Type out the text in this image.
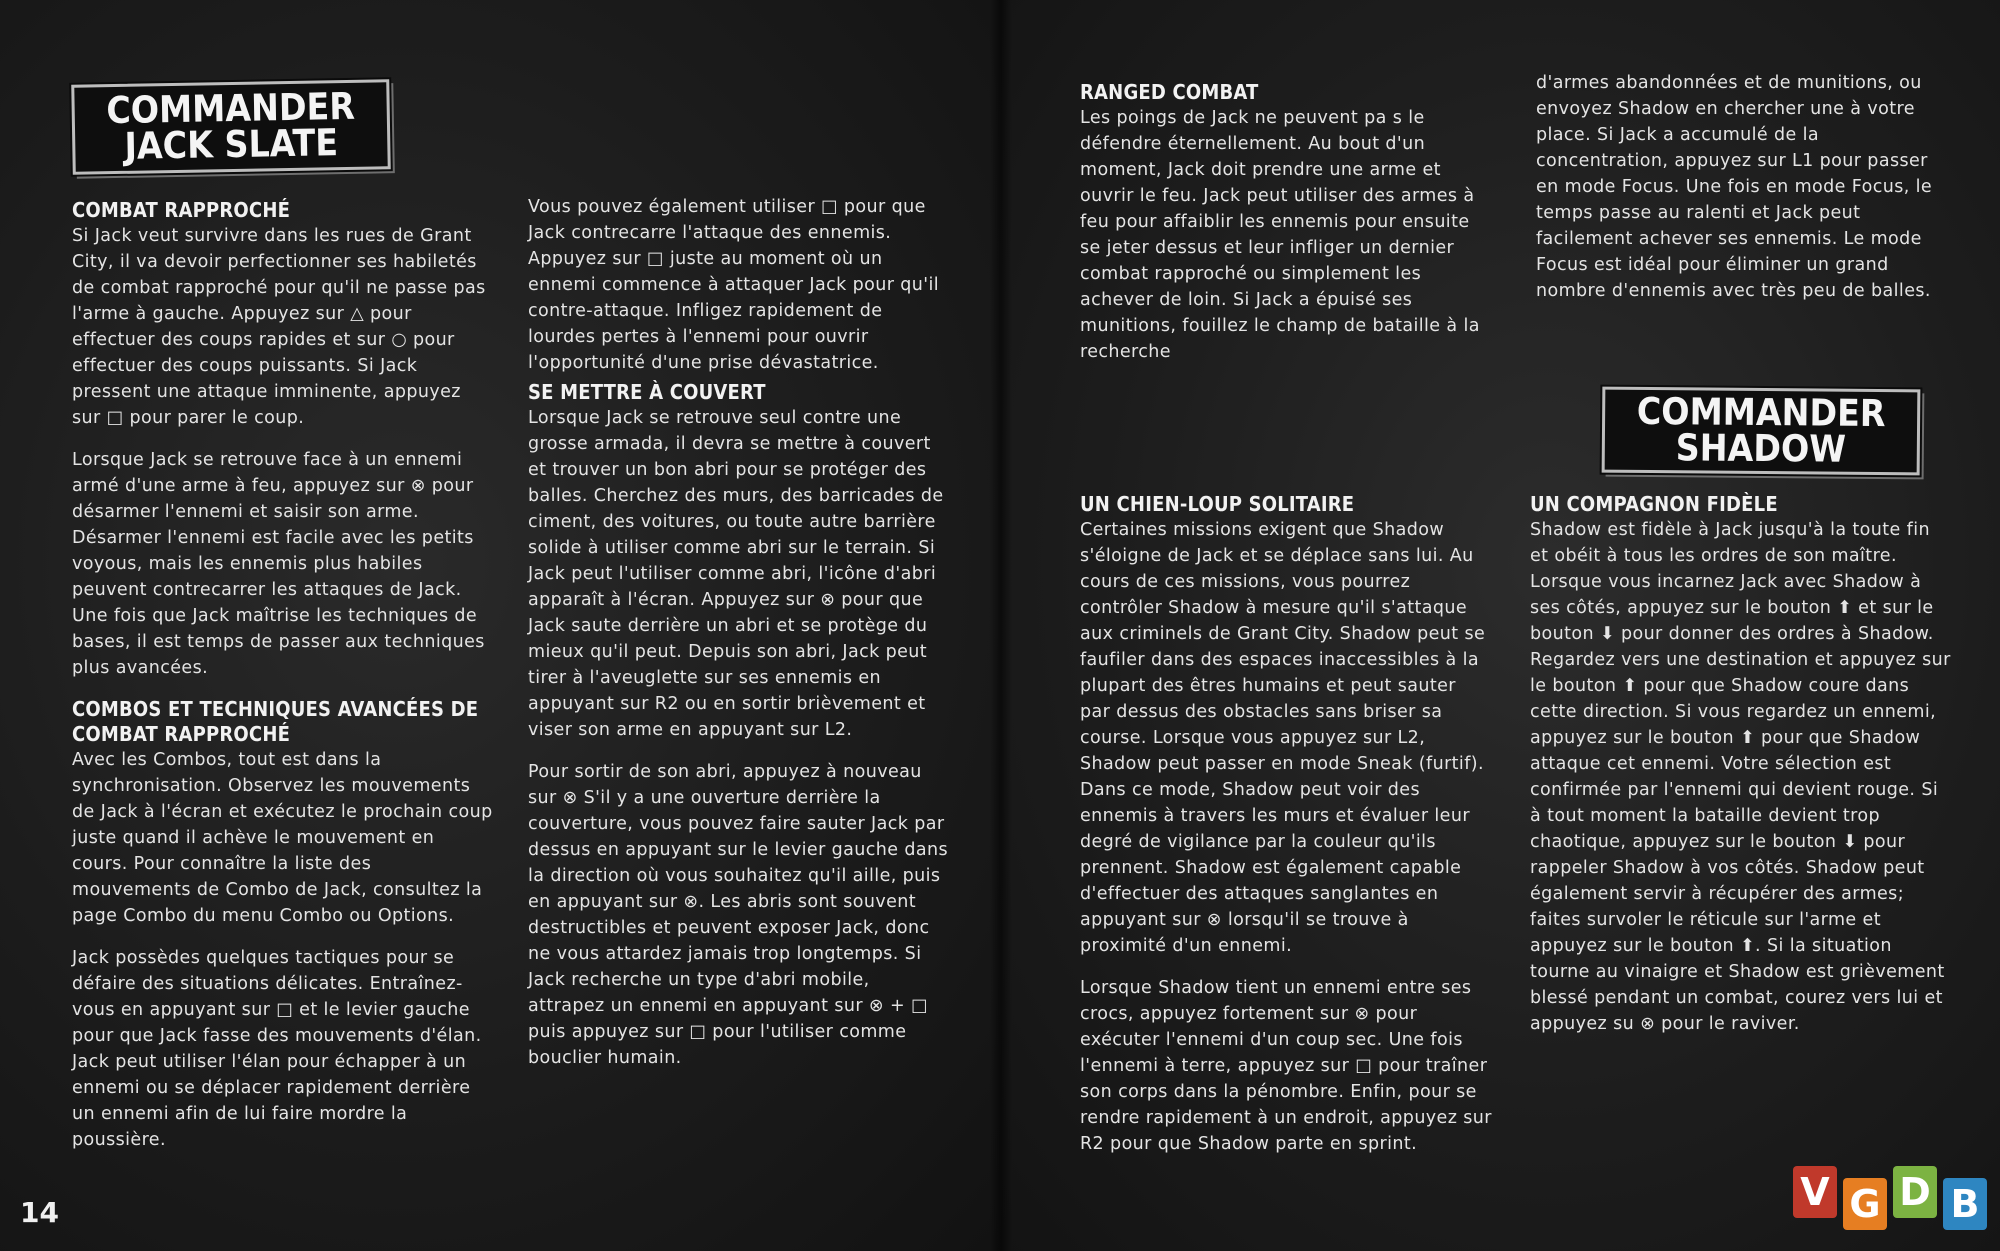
COMMANDER
JACK SLATE
COMBAT RAPPROCHÉ

Si Jack veut survivre dans les rues de Grant City, il va devoir perfectionner ses habiletés de combat rapproché pour qu'il ne passe pas l'arme à gauche. Appuyez sur △ pour effectuer des coups rapides et sur ○ pour effectuer des coups puissants. Si Jack pressent une attaque imminente, appuyez sur □ pour parer le coup.

Lorsque Jack se retrouve face à un ennemi armé d'une arme à feu, appuyez sur ⊗ pour désarmer l'ennemi et saisir son arme. Désarmer l'ennemi est facile avec les petits voyous, mais les ennemis plus habiles peuvent contrecarrer les attaques de Jack. Une fois que Jack maîtrise les techniques de bases, il est temps de passer aux techniques plus avancées.

COMBOS ET TECHNIQUES AVANCÉES DE COMBAT RAPPROCHÉ

Avec les Combos, tout est dans la synchronisation. Observez les mouvements de Jack à l'écran et exécutez le prochain coup juste quand il achève le mouvement en cours. Pour connaître la liste des mouvements de Combo de Jack, consultez la page Combo du menu Combo ou Options.

Jack possèdes quelques tactiques pour se défaire des situations délicates. Entraînez-vous en appuyant sur □ et le levier gauche pour que Jack fasse des mouvements d'élan. Jack peut utiliser l'élan pour échapper à un ennemi ou se déplacer rapidement derrière un ennemi afin de lui faire mordre la poussière.

Vous pouvez également utiliser □ pour que Jack contrecarre l'attaque des ennemis. Appuyez sur □ juste au moment où un ennemi commence à attaquer Jack pour qu'il contre-attaque. Infligez rapidement de lourdes pertes à l'ennemi pour ouvrir l'opportunité d'une prise dévastatrice.

SE METTRE À COUVERT

Lorsque Jack se retrouve seul contre une grosse armada, il devra se mettre à couvert et trouver un bon abri pour se protéger des balles. Cherchez des murs, des barricades de ciment, des voitures, ou toute autre barrière solide à utiliser comme abri sur le terrain. Si Jack peut l'utiliser comme abri, l'icône d'abri apparaît à l'écran. Appuyez sur ⊗ pour que Jack saute derrière un abri et se protège du mieux qu'il peut. Depuis son abri, Jack peut tirer à l'aveuglette sur ses ennemis en appuyant sur R2 ou en sortir brièvement et viser son arme en appuyant sur L2.

Pour sortir de son abri, appuyez à nouveau sur ⊗ S'il y a une ouverture derrière la couverture, vous pouvez faire sauter Jack par dessus en appuyant sur le levier gauche dans la direction où vous souhaitez qu'il aille, puis en appuyant sur ⊗. Les abris sont souvent destructibles et peuvent exposer Jack, donc ne vous attardez jamais trop longtemps. Si Jack recherche un type d'abri mobile, attrapez un ennemi en appuyant sur ⊗ + □ puis appuyez sur □ pour l'utiliser comme bouclier humain.

14
RANGED COMBAT

Les poings de Jack ne peuvent pa s le défendre éternellement. Au bout d'un moment, Jack doit prendre une arme et ouvrir le feu. Jack peut utiliser des armes à feu pour affaiblir les ennemis pour ensuite se jeter dessus et leur infliger un dernier combat rapproché ou simplement les achever de loin. Si Jack a épuisé ses munitions, fouillez le champ de bataille à la recherche

d'armes abandonnées et de munitions, ou envoyez Shadow en chercher une à votre place. Si Jack a accumulé de la concentration, appuyez sur L1 pour passer en mode Focus. Une fois en mode Focus, le temps passe au ralenti et Jack peut facilement achever ses ennemis. Le mode Focus est idéal pour éliminer un grand nombre d'ennemis avec très peu de balles.

COMMANDER
SHADOW
UN CHIEN-LOUP SOLITAIRE

Certaines missions exigent que Shadow s'éloigne de Jack et se déplace sans lui. Au cours de ces missions, vous pourrez contrôler Shadow à mesure qu'il s'attaque aux criminels de Grant City. Shadow peut se faufiler dans des espaces inaccessibles à la plupart des êtres humains et peut sauter par dessus des obstacles sans briser sa course. Lorsque vous appuyez sur L2, Shadow peut passer en mode Sneak (furtif). Dans ce mode, Shadow peut voir des ennemis à travers les murs et évaluer leur degré de vigilance par la couleur qu'ils prennent. Shadow est également capable d'effectuer des attaques sanglantes en appuyant sur ⊗ lorsqu'il se trouve à proximité d'un ennemi.

Lorsque Shadow tient un ennemi entre ses crocs, appuyez fortement sur ⊗ pour exécuter l'ennemi d'un coup sec. Une fois l'ennemi à terre, appuyez sur □ pour traîner son corps dans la pénombre. Enfin, pour se rendre rapidement à un endroit, appuyez sur R2 pour que Shadow parte en sprint.

UN COMPAGNON FIDÈLE

Shadow est fidèle à Jack jusqu'à la toute fin et obéit à tous les ordres de son maître. Lorsque vous incarnez Jack avec Shadow à ses côtés, appuyez sur le bouton ⬆ et sur le bouton ⬇ pour donner des ordres à Shadow. Regardez vers une destination et appuyez sur le bouton ⬆ pour que Shadow coure dans cette direction. Si vous regardez un ennemi, appuyez sur le bouton ⬆ pour que Shadow attaque cet ennemi. Votre sélection est confirmée par l'ennemi qui devient rouge. Si à tout moment la bataille devient trop chaotique, appuyez sur le bouton ⬇ pour rappeler Shadow à vos côtés. Shadow peut également servir à récupérer des armes; faites survoler le réticule sur l'arme et appuyez sur le bouton ⬆. Si la situation tourne au vinaigre et Shadow est grièvement blessé pendant un combat, courez vers lui et appuyez su ⊗ pour le raviver.

V G D B
